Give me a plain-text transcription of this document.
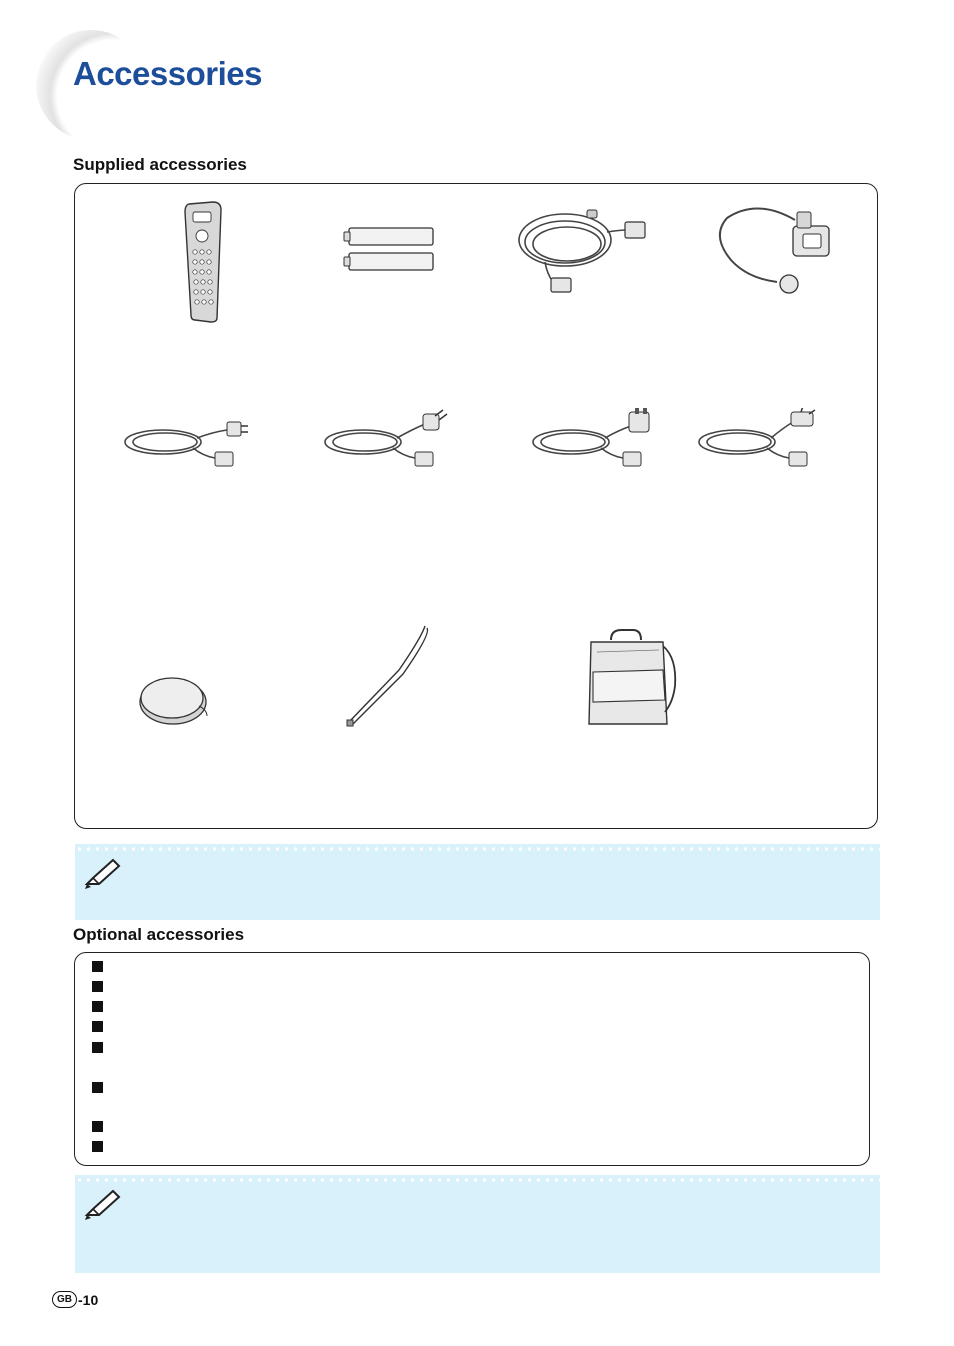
Accessories
Supplied accessories
Optional accessories
GB -10
